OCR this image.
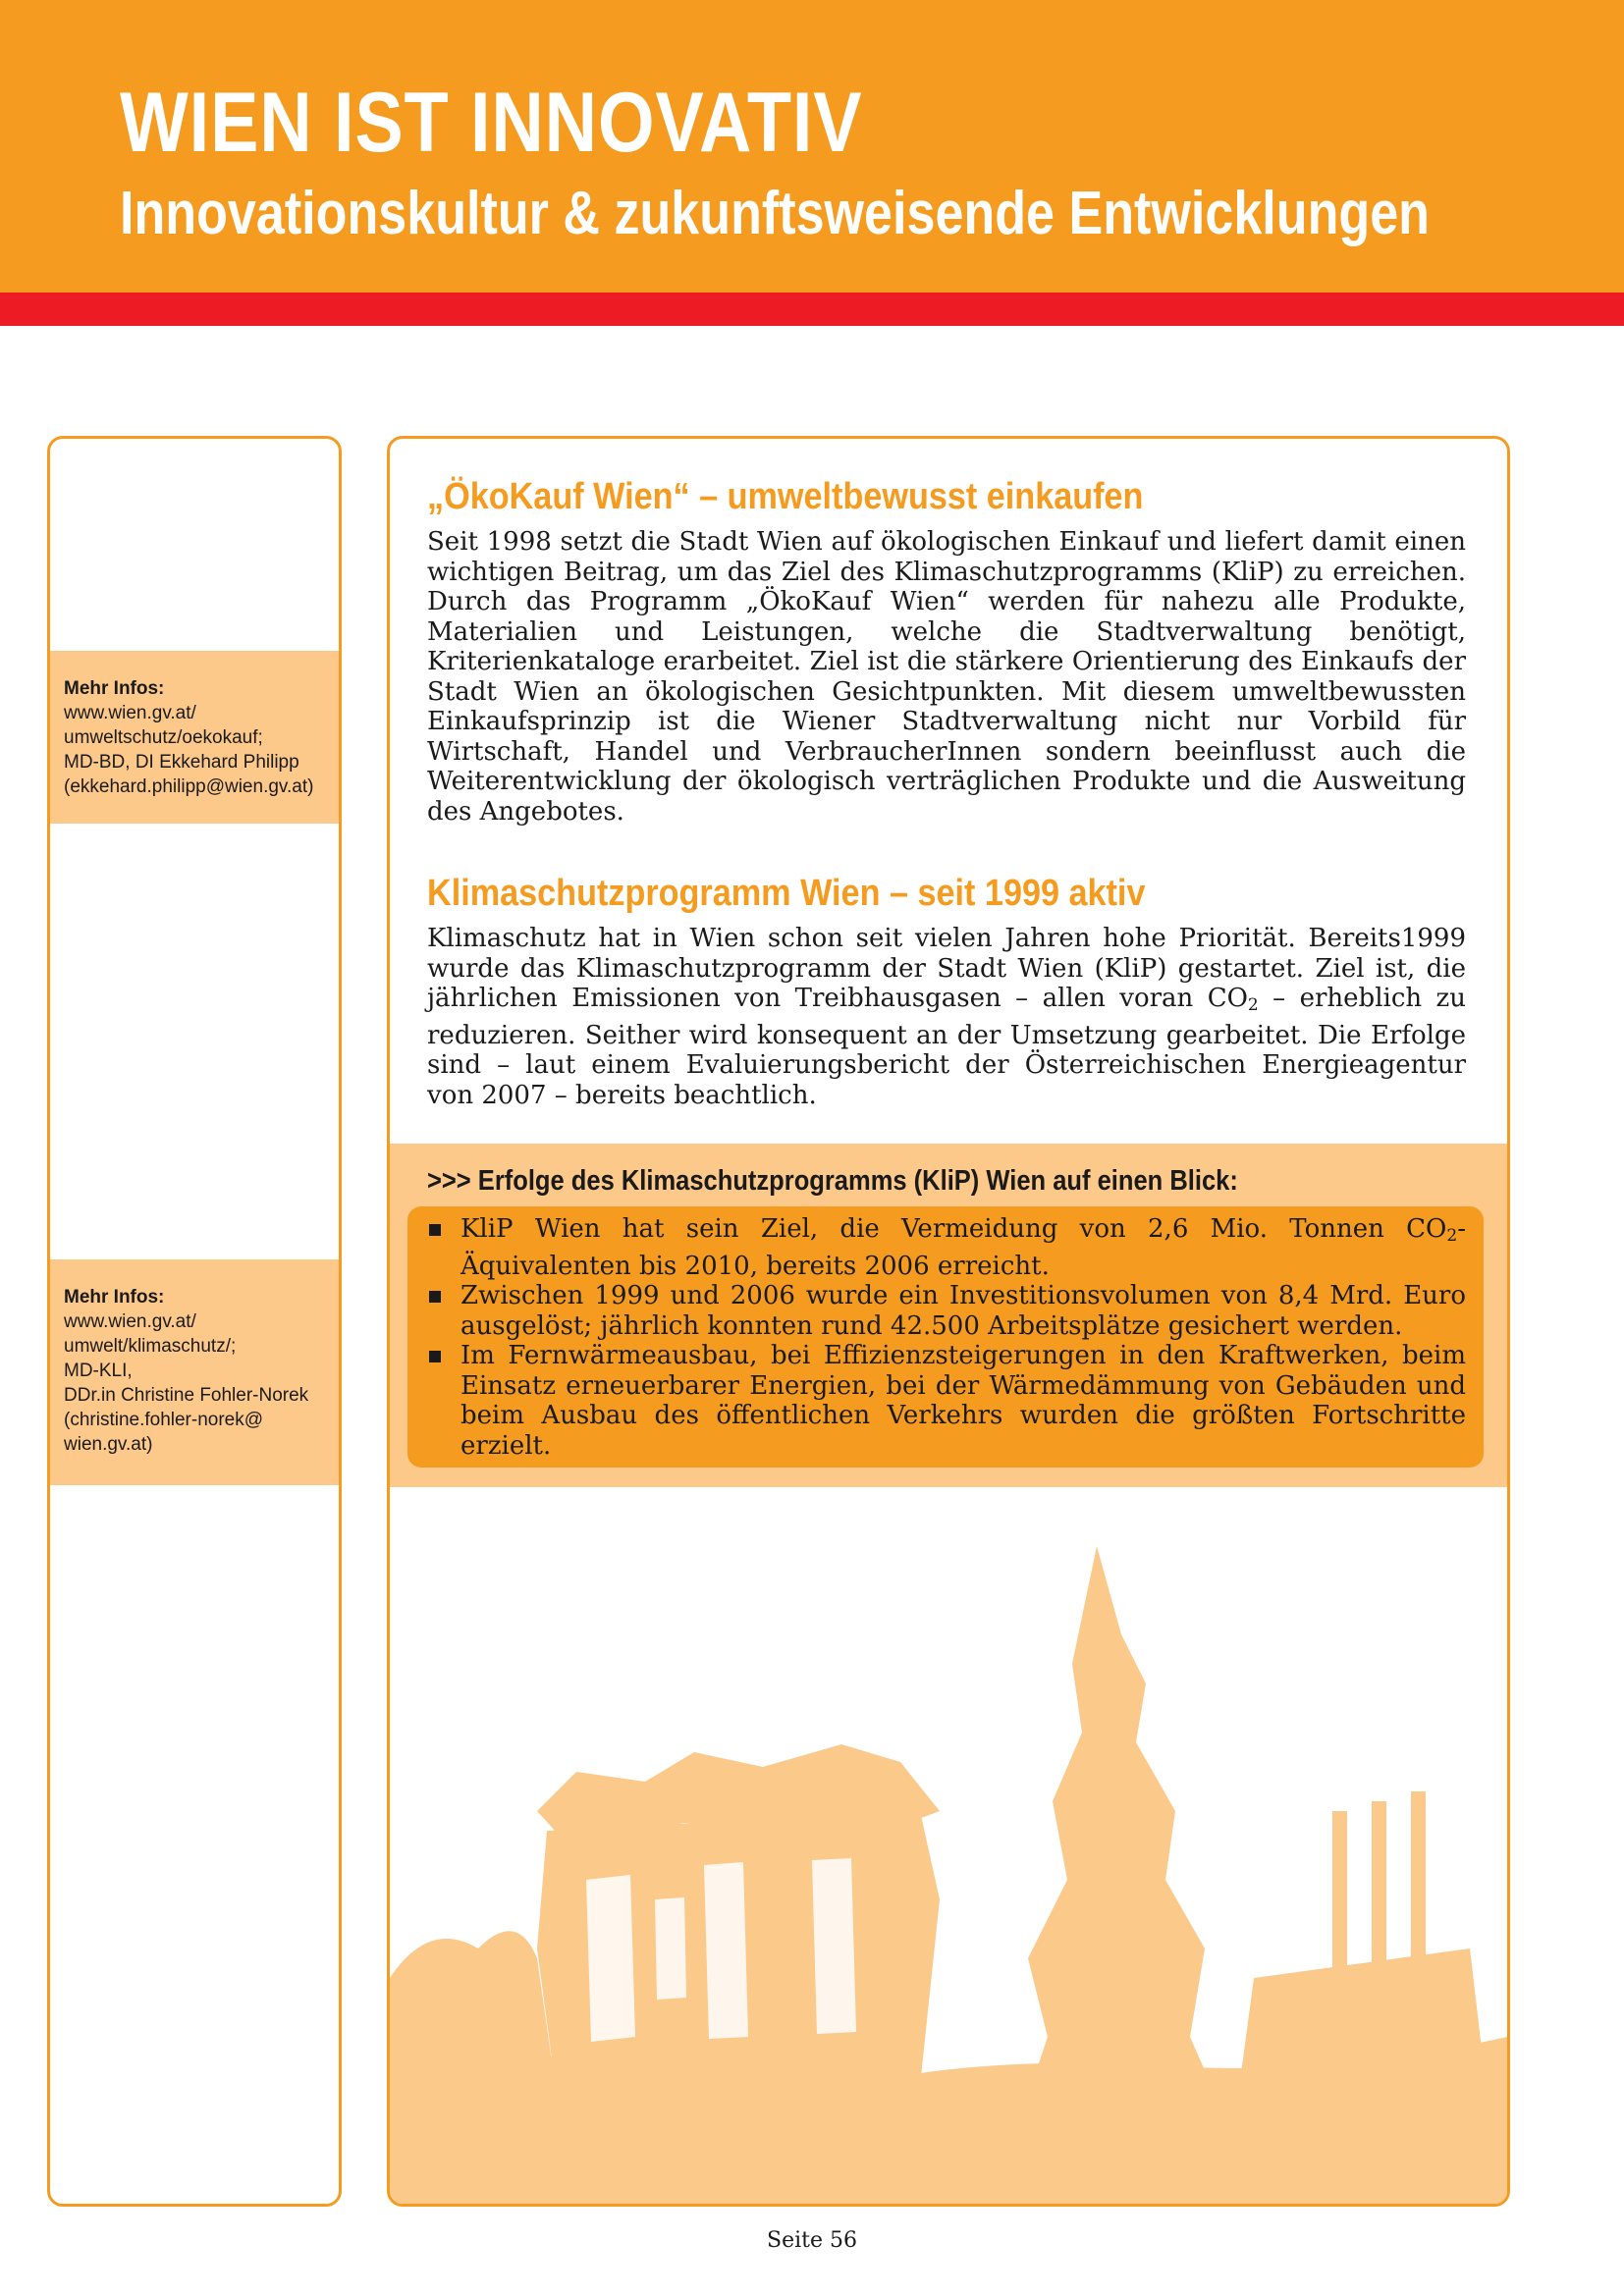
WIEN IST INNOVATIV
Innovationskultur & zukunftsweisende Entwicklungen
Mehr Infos:
www.wien.gv.at/
umweltschutz/oekokauf;
MD-BD, DI Ekkehard Philipp
(ekkehard.philipp@wien.gv.at)
Mehr Infos:
www.wien.gv.at/
umwelt/klimaschutz/;
MD-KLI,
DDr.in Christine Fohler-Norek
(christine.fohler-norek@
wien.gv.at)
„ÖkoKauf Wien“ – umweltbewusst einkaufen
Seit 1998 setzt die Stadt Wien auf ökologischen Einkauf und liefert damit einen wichtigen Beitrag, um das Ziel des Klimaschutzprogramms (KliP) zu erreichen. Durch das Programm „ÖkoKauf Wien“ werden für nahezu alle Produkte, Materialien und Leistungen, welche die Stadtverwaltung benötigt, Kriterienkataloge erarbeitet. Ziel ist die stärkere Orientierung des Einkaufs der Stadt Wien an ökologischen Gesichtpunkten. Mit diesem umweltbewussten Einkaufsprinzip ist die Wiener Stadtverwaltung nicht nur Vorbild für Wirtschaft, Handel und VerbraucherInnen sondern beeinflusst auch die Weiterentwicklung der ökologisch verträglichen Produkte und die Ausweitung des Angebotes.
Klimaschutzprogramm Wien – seit 1999 aktiv
Klimaschutz hat in Wien schon seit vielen Jahren hohe Priorität. Bereits1999 wurde das Klimaschutzprogramm der Stadt Wien (KliP) gestartet. Ziel ist, die jährlichen Emissionen von Treibhausgasen – allen voran $CO_2$ – erheblich zu reduzieren. Seither wird konsequent an der Umsetzung gearbeitet. Die Erfolge sind – laut einem Evaluierungsbericht der Österreichischen Energieagentur von 2007 – bereits beachtlich.
>>> Erfolge des Klimaschutzprogramms (KliP) Wien auf einen Blick:
KliP Wien hat sein Ziel, die Vermeidung von 2,6 Mio. Tonnen $CO_2$-Äquivalenten bis 2010, bereits 2006 erreicht.
Zwischen 1999 und 2006 wurde ein Investitionsvolumen von 8,4 Mrd. Euro ausgelöst; jährlich konnten rund 42.500 Arbeitsplätze gesichert werden.
Im Fernwärmeausbau, bei Effizienzsteigerungen in den Kraftwerken, beim Einsatz erneuerbarer Energien, bei der Wärmedämmung von Gebäuden und beim Ausbau des öffentlichen Verkehrs wurden die größten Fortschritte erzielt.
Seite 56
